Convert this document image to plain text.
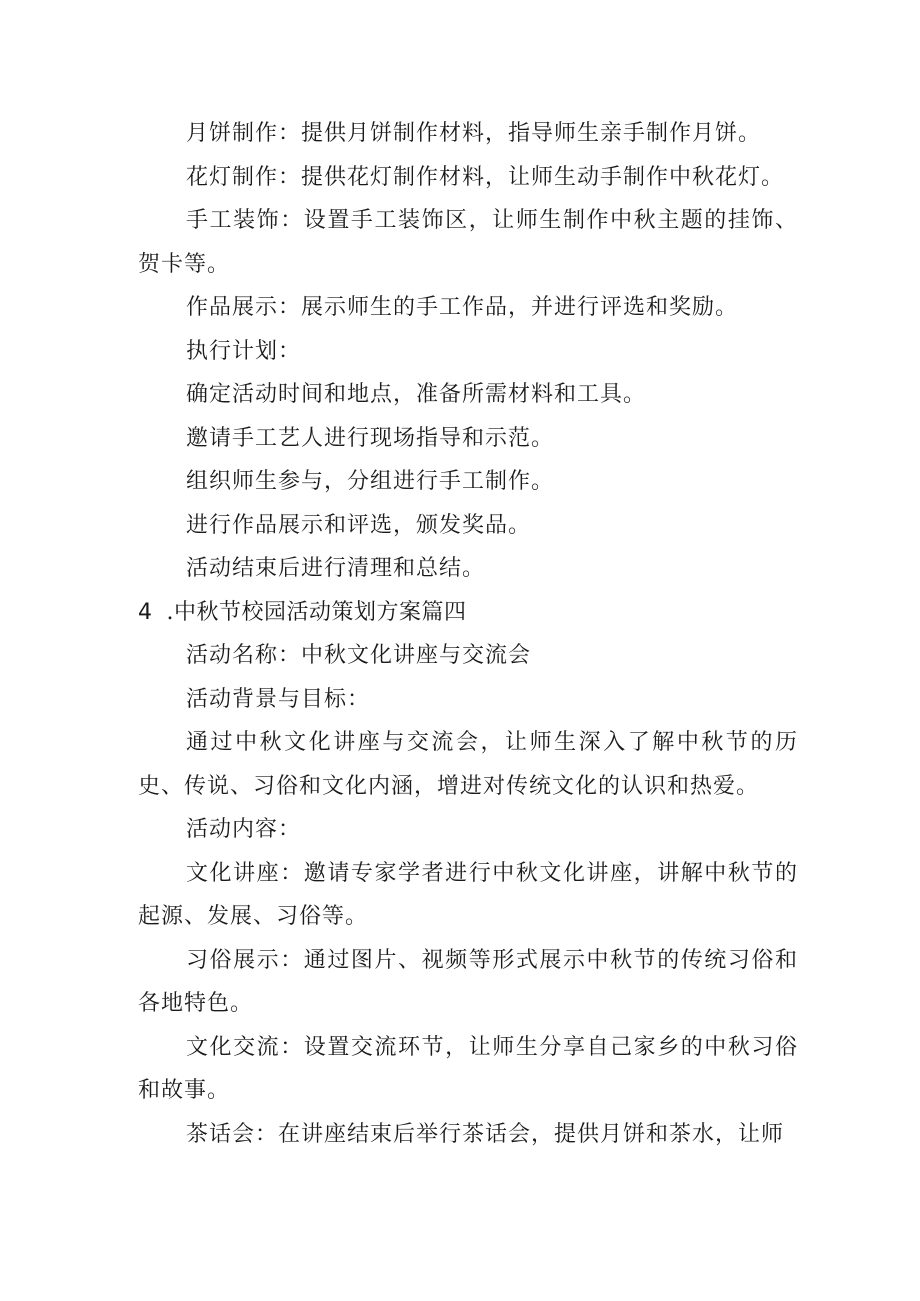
月饼制作：提供月饼制作材料，指导师生亲手制作月饼。

花灯制作：提供花灯制作材料，让师生动手制作中秋花灯。

手工装饰：设置手工装饰区，让师生制作中秋主题的挂饰、贺卡等。

作品展示：展示师生的手工作品，并进行评选和奖励。

执行计划：

确定活动时间和地点，准备所需材料和工具。

邀请手工艺人进行现场指导和示范。

组织师生参与，分组进行手工制作。

进行作品展示和评选，颁发奖品。

活动结束后进行清理和总结。

4 .中秋节校园活动策划方案篇四

活动名称：中秋文化讲座与交流会

活动背景与目标：

通过中秋文化讲座与交流会，让师生深入了解中秋节的历史、传说、习俗和文化内涵，增进对传统文化的认识和热爱。

活动内容：

文化讲座：邀请专家学者进行中秋文化讲座，讲解中秋节的起源、发展、习俗等。

习俗展示：通过图片、视频等形式展示中秋节的传统习俗和各地特色。

文化交流：设置交流环节，让师生分享自己家乡的中秋习俗和故事。

茶话会：在讲座结束后举行茶话会，提供月饼和茶水，让师
